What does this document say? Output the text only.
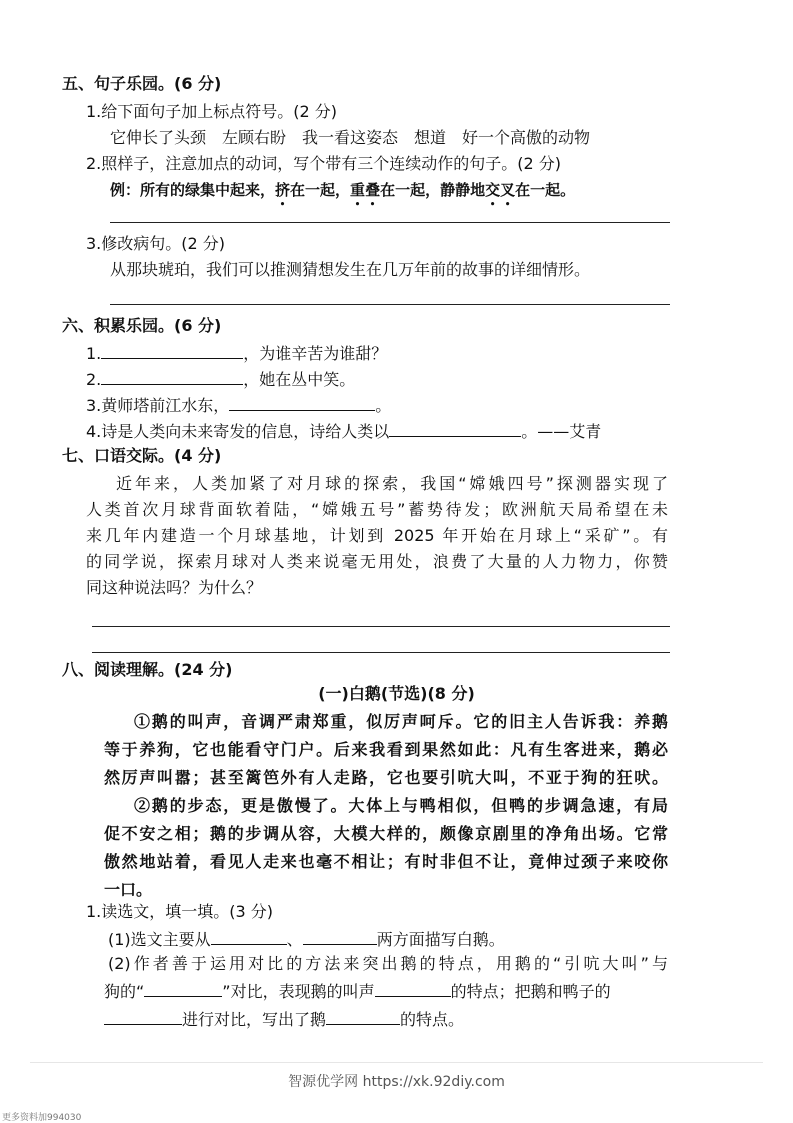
五、句子乐园。(6 分)
1.给下面句子加上标点符号。(2 分)
它伸长了头颈　左顾右盼　我一看这姿态　想道　好一个高傲的动物
2.照样子，注意加点的动词，写个带有三个连续动作的句子。(2 分)
例：所有的绿集中起来，挤在一起，重叠在一起，静静地交叉在一起。
3.修改病句。(2 分)
从那块琥珀，我们可以推测猜想发生在几万年前的故事的详细情形。
六、积累乐园。(6 分)
1.	，为谁辛苦为谁甜？
2.	，她在丛中笑。
3.黄师塔前江水东，	。
4.诗是人类向未来寄发的信息，诗给人类以	。——艾青
七、口语交际。(4 分)
近年来，人类加紧了对月球的探索，我国“嫦娥四号”探测器实现了
人类首次月球背面软着陆，“嫦娥五号”蓄势待发；欧洲航天局希望在未
来几年内建造一个月球基地，计划到 2025 年开始在月球上“采矿”。有
的同学说，探索月球对人类来说毫无用处，浪费了大量的人力物力，你赞
同这种说法吗？为什么？
八、阅读理解。(24 分)
(一)白鹅(节选)(8 分)
①鹅的叫声，音调严肃郑重，似厉声呵斥。它的旧主人告诉我：养鹅
等于养狗，它也能看守门户。后来我看到果然如此：凡有生客进来，鹅必
然厉声叫嚣；甚至篱笆外有人走路，它也要引吭大叫，不亚于狗的狂吠。
②鹅的步态，更是傲慢了。大体上与鸭相似，但鸭的步调急速，有局
促不安之相；鹅的步调从容，大模大样的，颇像京剧里的净角出场。它常
傲然地站着，看见人走来也毫不相让；有时非但不让，竟伸过颈子来咬你
一口。
1.读选文，填一填。(3 分)
(1)选文主要从	、	两方面描写白鹅。
(2)作者善于运用对比的方法来突出鹅的特点，用鹅的“引吭大叫”与
狗的“	”对比，表现鹅的叫声	的特点；把鹅和鸭子的
进行对比，写出了鹅	的特点。
智源优学网 https://xk.92diy.com
更多资料加994030
